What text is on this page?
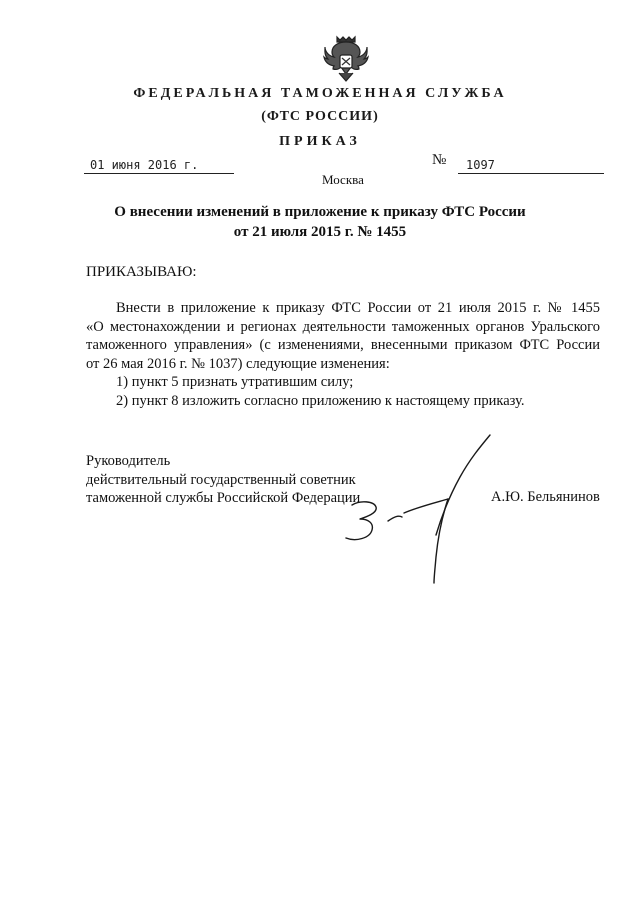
ФЕДЕРАЛЬНАЯ ТАМОЖЕННАЯ СЛУЖБА
(ФТС РОССИИ)
ПРИКАЗ
01 июня 2016 г.	№ 1097
Москва
О внесении изменений в приложение к приказу ФТС России
от 21 июля 2015 г. № 1455
ПРИКАЗЫВАЮ:
Внести в приложение к приказу ФТС России от 21 июля 2015 г. № 1455
«О местонахождении и регионах деятельности таможенных органов Уральского
таможенного управления» (с изменениями, внесенными приказом ФТС России
от 26 мая 2016 г. № 1037) следующие изменения:
1) пункт 5 признать утратившим силу;
2) пункт 8 изложить согласно приложению к настоящему приказу.
Руководитель
действительный государственный советник
таможенной службы Российской Федерации	А.Ю. Бельянинов
